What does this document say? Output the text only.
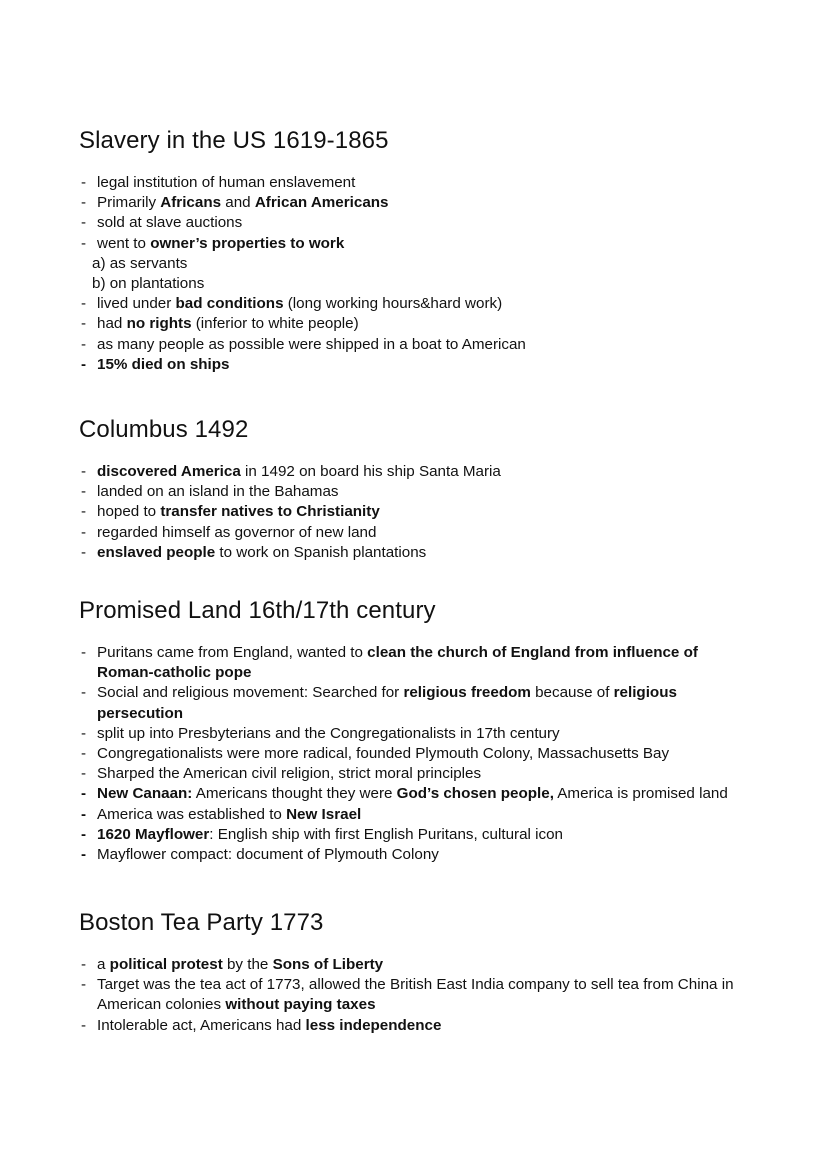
Slavery in the US 1619-1865
- legal institution of human enslavement
- Primarily Africans and African Americans
- sold at slave auctions
- went to owner’s properties to work
a) as servants
b) on plantations
- lived under bad conditions (long working hours&hard work)
- had no rights (inferior to white people)
- as many people as possible were shipped in a boat to American
- 15% died on ships
Columbus 1492
- discovered America in 1492 on board his ship Santa Maria
- landed on an island in the Bahamas
- hoped to transfer natives to Christianity
- regarded himself as governor of new land
- enslaved people to work on Spanish plantations
Promised Land 16th/17th century
- Puritans came from England, wanted to clean the church of England from influence of Roman-catholic pope
- Social and religious movement: Searched for religious freedom because of religious persecution
- split up into Presbyterians and the Congregationalists in 17th century
- Congregationalists were more radical, founded Plymouth Colony, Massachusetts Bay
- Sharped the American civil religion, strict moral principles
- New Canaan: Americans thought they were God’s chosen people, America is promised land
- America was established to New Israel
- 1620 Mayflower: English ship with first English Puritans, cultural icon
- Mayflower compact: document of Plymouth Colony
Boston Tea Party 1773
- a political protest by the Sons of Liberty
- Target was the tea act of 1773, allowed the British East India company to sell tea from China in American colonies without paying taxes
- Intolerable act, Americans had less independence
